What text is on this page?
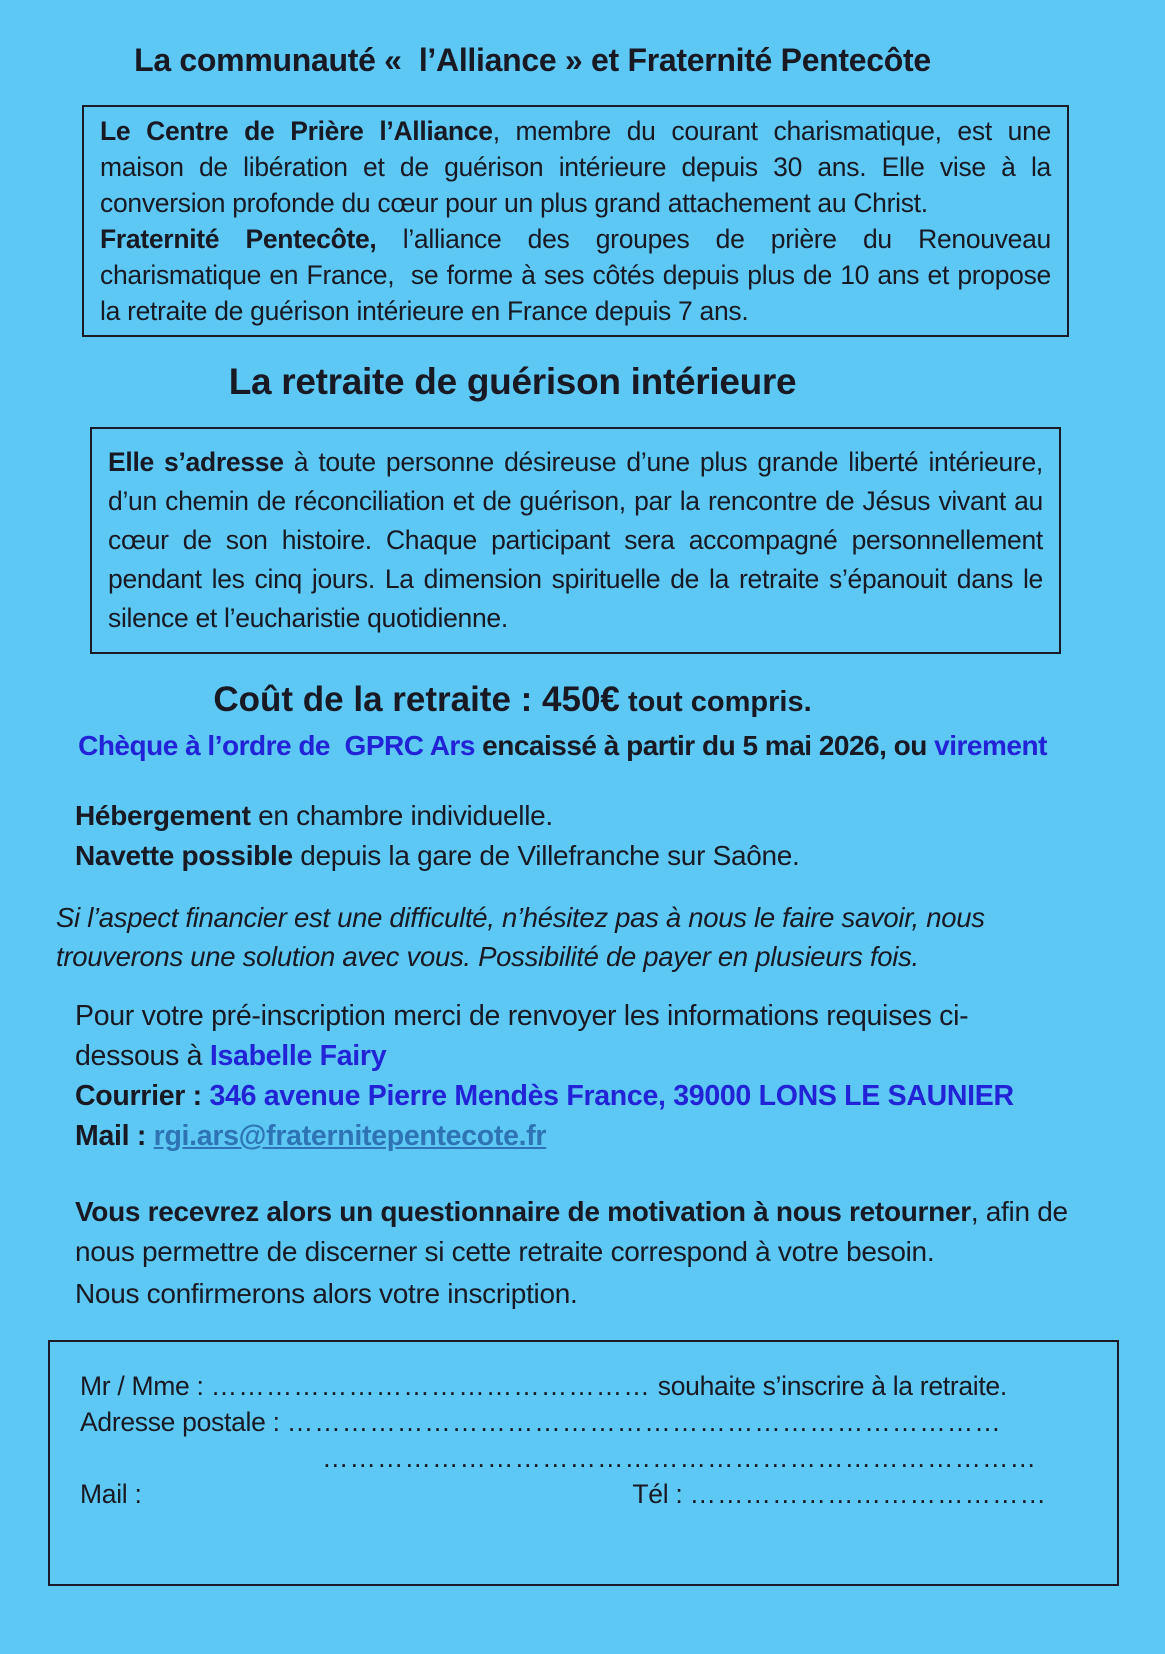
La communauté «  l’Alliance » et Fraternité Pentecôte

Le Centre de Prière l’Alliance, membre du courant charismatique, est une maison de libération et de guérison intérieure depuis 30 ans. Elle vise à la conversion profonde du cœur pour un plus grand attachement au Christ.

Fraternité Pentecôte, l’alliance des groupes de prière du Renouveau charismatique en France,  se forme à ses côtés depuis plus de 10 ans et propose la retraite de guérison intérieure en France depuis 7 ans.

La retraite de guérison intérieure

Elle s’adresse à toute personne désireuse d’une plus grande liberté intérieure, d’un chemin de réconciliation et de guérison, par la rencontre de Jésus vivant au cœur de son histoire. Chaque participant sera accompagné personnellement pendant les cinq jours. La dimension spirituelle de la retraite s’épanouit dans le silence et l’eucharistie quotidienne.

Coût de la retraite : 450€ tout compris.

Chèque à l’ordre de  GPRC Ars encaissé à partir du 5 mai 2026, ou virement

Hébergement en chambre individuelle.

Navette possible depuis la gare de Villefranche sur Saône.

Si l’aspect financier est une difficulté, n’hésitez pas à nous le faire savoir, nous trouverons une solution avec vous. Possibilité de payer en plusieurs fois.

Pour votre pré-inscription merci de renvoyer les informations requises ci-dessous à Isabelle Fairy

Courrier : 346 avenue Pierre Mendès France, 39000 LONS LE SAUNIER

Mail : rgi.ars@fraternitepentecote.fr

Vous recevrez alors un questionnaire de motivation à nous retourner, afin de nous permettre de discerner si cette retraite correspond à votre besoin.

Nous confirmerons alors votre inscription.

Mr / Mme : ………………………………………… souhaite s’inscrire à la retraite.

Adresse postale : ……………………………………………………………………

……………………………………………………………………

Mail :	Tél : …………………………………
